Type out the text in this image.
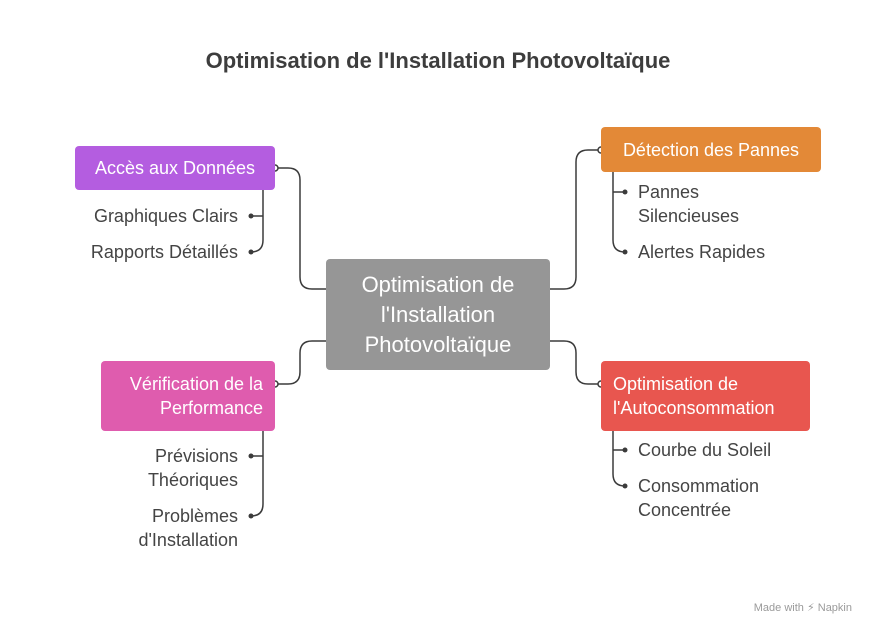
Optimisation de l'Installation Photovoltaïque
Optimisation de l'Installation Photovoltaïque
Accès aux Données
Graphiques Clairs
Rapports Détaillés
Détection des Pannes
Pannes Silencieuses
Alertes Rapides
Vérification de la Performance
Prévisions Théoriques
Problèmes d'Installation
Optimisation de l'Autoconsommation
Courbe du Soleil
Consommation Concentrée
Made with ⚡ Napkin
